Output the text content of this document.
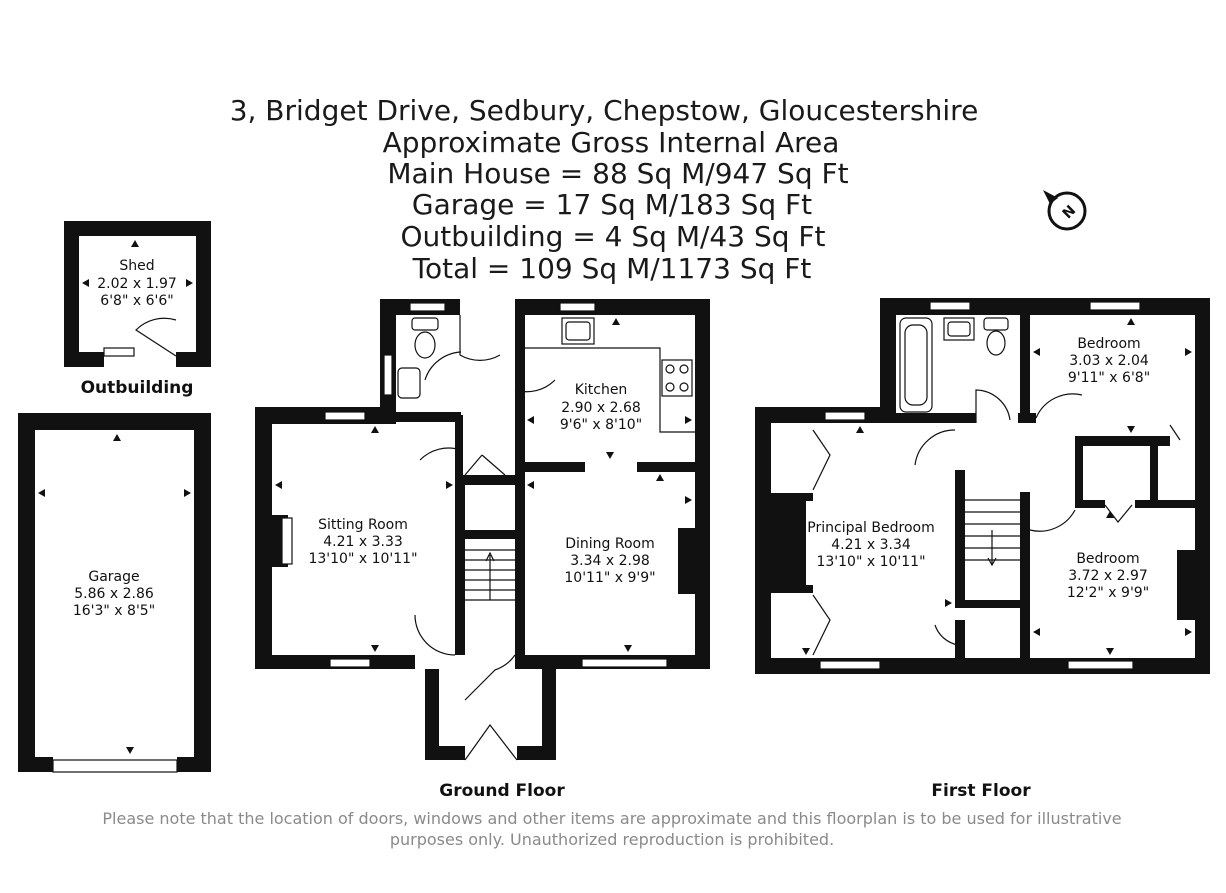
3, Bridget Drive, Sedbury, Chepstow, Gloucestershire
Approximate Gross Internal Area
Main House = 88 Sq M/947 Sq Ft
Garage = 17 Sq M/183 Sq Ft
Outbuilding = 4 Sq M/43 Sq Ft
Total = 109 Sq M/1173 Sq Ft
N
Shed
2.02 x 1.97
6'8" x 6'6"
Outbuilding
Garage
5.86 x 2.86
16'3" x 8'5"
Kitchen
2.90 x 2.68
9'6" x 8'10"
Sitting Room
4.21 x 3.33
13'10" x 10'11"
Dining Room
3.34 x 2.98
10'11" x 9'9"
Ground Floor
Bedroom
3.03 x 2.04
9'11" x 6'8"
Principal Bedroom
4.21 x 3.34
13'10" x 10'11"	Bedroom
3.72 x 2.97
12'2" x 9'9"
First Floor
Please note that the location of doors, windows and other items are approximate and this floorplan is to be used for illustrative
purposes only. Unauthorized reproduction is prohibited.
